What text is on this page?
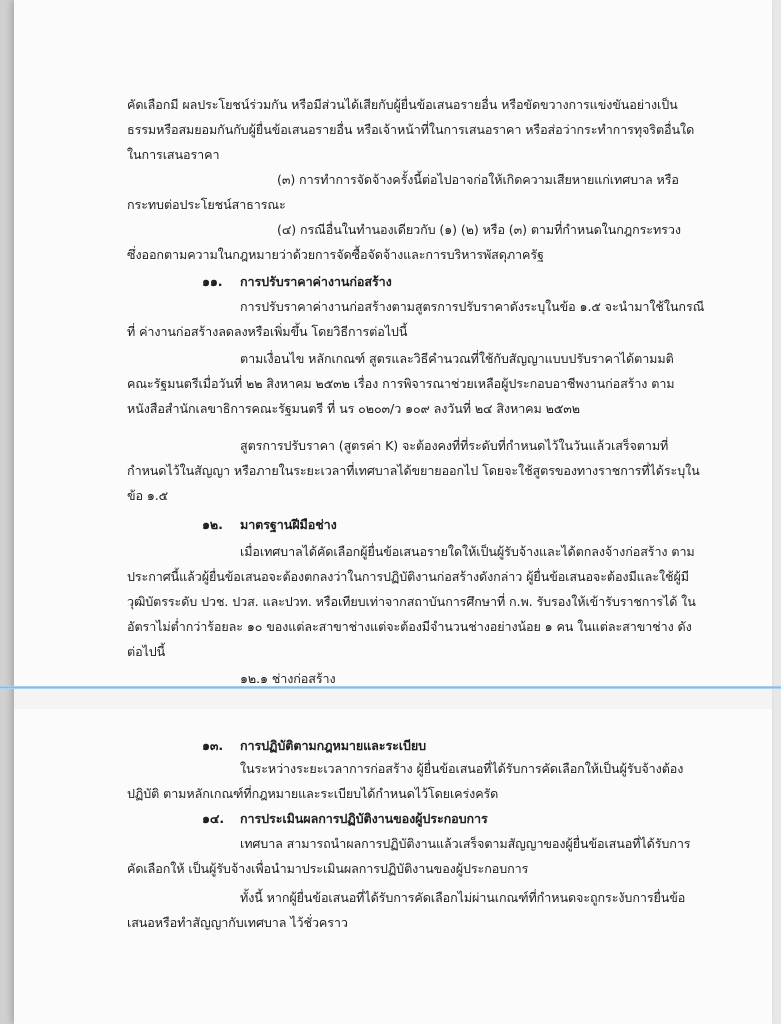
คัดเลือกมี ผลประโยชน์ร่วมกัน หรือมีส่วนได้เสียกับผู้ยื่นข้อเสนอรายอื่น หรือขัดขวางการแข่งขันอย่างเป็น
ธรรมหรือสมยอมกันกับผู้ยื่นข้อเสนอรายอื่น หรือเจ้าหน้าที่ในการเสนอราคา หรือส่อว่ากระทำการทุจริตอื่นใด
ในการเสนอราคา
(๓) การทำการจัดจ้างครั้งนี้ต่อไปอาจก่อให้เกิดความเสียหายแก่เทศบาล หรือ
กระทบต่อประโยชน์สาธารณะ
(๔) กรณีอื่นในทำนองเดียวกับ (๑) (๒) หรือ (๓) ตามที่กำหนดในกฎกระทรวง
ซึ่งออกตามความในกฎหมายว่าด้วยการจัดซื้อจัดจ้างและการบริหารพัสดุภาครัฐ
๑๑. การปรับราคาค่างานก่อสร้าง
การปรับราคาค่างานก่อสร้างตามสูตรการปรับราคาดังระบุในข้อ ๑.๕ จะนำมาใช้ในกรณี
ที่ ค่างานก่อสร้างลดลงหรือเพิ่มขึ้น โดยวิธีการต่อไปนี้
ตามเงื่อนไข หลักเกณฑ์ สูตรและวิธีคำนวณที่ใช้กับสัญญาแบบปรับราคาได้ตามมติ
คณะรัฐมนตรีเมื่อวันที่ ๒๒ สิงหาคม ๒๕๓๒ เรื่อง การพิจารณาช่วยเหลือผู้ประกอบอาชีพงานก่อสร้าง ตาม
หนังสือสำนักเลขาธิการคณะรัฐมนตรี ที่ นร ๐๒๐๓/ว ๑๐๙ ลงวันที่ ๒๔ สิงหาคม ๒๕๓๒
สูตรการปรับราคา (สูตรค่า K) จะต้องคงที่ที่ระดับที่กำหนดไว้ในวันแล้วเสร็จตามที่
กำหนดไว้ในสัญญา หรือภายในระยะเวลาที่เทศบาลได้ขยายออกไป โดยจะใช้สูตรของทางราชการที่ได้ระบุใน
ข้อ ๑.๕
๑๒. มาตรฐานฝีมือช่าง
เมื่อเทศบาลได้คัดเลือกผู้ยื่นข้อเสนอรายใดให้เป็นผู้รับจ้างและได้ตกลงจ้างก่อสร้าง ตาม
ประกาศนี้แล้วผู้ยื่นข้อเสนอจะต้องตกลงว่าในการปฏิบัติงานก่อสร้างดังกล่าว ผู้ยื่นข้อเสนอจะต้องมีและใช้ผู้มี
วุฒิบัตรระดับ ปวช. ปวส. และปวท. หรือเทียบเท่าจากสถาบันการศึกษาที่ ก.พ. รับรองให้เข้ารับราชการได้ ใน
อัตราไม่ต่ำกว่าร้อยละ ๑๐ ของแต่ละสาขาช่างแต่จะต้องมีจำนวนช่างอย่างน้อย ๑ คน ในแต่ละสาขาช่าง ดัง
ต่อไปนี้
๑๒.๑ ช่างก่อสร้าง
๑๓. การปฏิบัติตามกฎหมายและระเบียบ
ในระหว่างระยะเวลาการก่อสร้าง ผู้ยื่นข้อเสนอที่ได้รับการคัดเลือกให้เป็นผู้รับจ้างต้อง
ปฏิบัติ ตามหลักเกณฑ์ที่กฎหมายและระเบียบได้กำหนดไว้โดยเคร่งครัด
๑๔. การประเมินผลการปฏิบัติงานของผู้ประกอบการ
เทศบาล สามารถนำผลการปฏิบัติงานแล้วเสร็จตามสัญญาของผู้ยื่นข้อเสนอที่ได้รับการ
คัดเลือกให้ เป็นผู้รับจ้างเพื่อนำมาประเมินผลการปฏิบัติงานของผู้ประกอบการ
ทั้งนี้ หากผู้ยื่นข้อเสนอที่ได้รับการคัดเลือกไม่ผ่านเกณฑ์ที่กำหนดจะถูกระงับการยื่นข้อ
เสนอหรือทำสัญญากับเทศบาล ไว้ชั่วคราว
